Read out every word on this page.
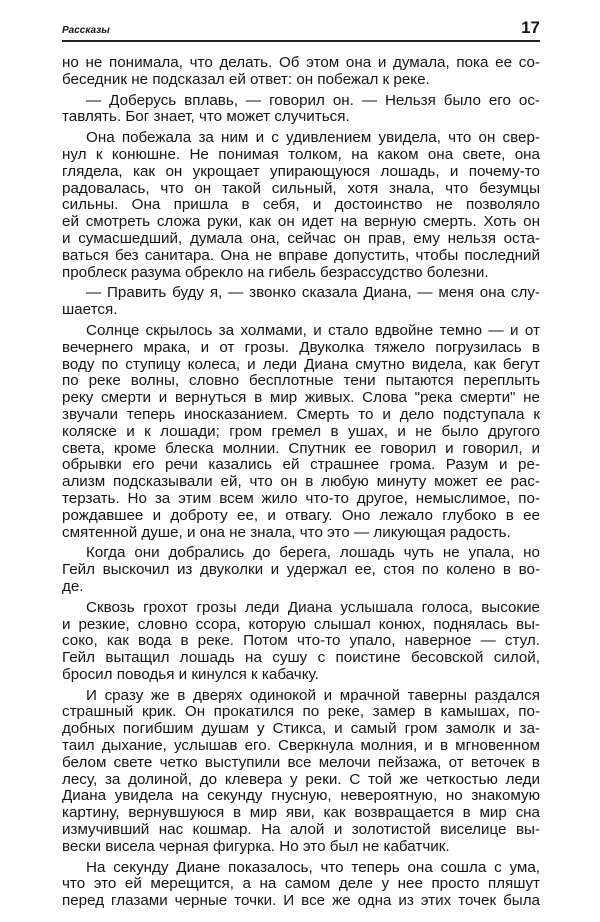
Рассказы	17
но не понимала, что делать. Об этом она и думала, пока ее со-
беседник не подсказал ей ответ: он побежал к реке.
— Доберусь вплавь, — говорил он. — Нельзя было его ос-
тавлять. Бог знает, что может случиться.
Она побежала за ним и с удивлением увидела, что он свер-
нул к конюшне. Не понимая толком, на каком она свете, она
глядела, как он укрощает упирающуюся лошадь, и почему-то
радовалась, что он такой сильный, хотя знала, что безумцы
сильны. Она пришла в себя, и достоинство не позволяло
ей смотреть сложа руки, как он идет на верную смерть. Хоть он
и сумасшедший, думала она, сейчас он прав, ему нельзя оста-
ваться без санитара. Она не вправе допустить, чтобы последний
проблеск разума обрекло на гибель безрассудство болезни.
— Править буду я, — звонко сказала Диана, — меня она слу-
шается.
Солнце скрылось за холмами, и стало вдвойне темно — и от
вечернего мрака, и от грозы. Двуколка тяжело погрузилась в
воду по ступицу колеса, и леди Диана смутно видела, как бегут
по реке волны, словно бесплотные тени пытаются переплыть
реку смерти и вернуться в мир живых. Слова "река смерти" не
звучали теперь иносказанием. Смерть то и дело подступала к
коляске и к лошади; гром гремел в ушах, и не было другого
света, кроме блеска молнии. Спутник ее говорил и говорил, и
обрывки его речи казались ей страшнее грома. Разум и ре-
ализм подсказывали ей, что он в любую минуту может ее рас-
терзать. Но за этим всем жило что-то другое, немыслимое, по-
рождавшее и доброту ее, и отвагу. Оно лежало глубоко в ее
смятенной душе, и она не знала, что это — ликующая радость.
Когда они добрались до берега, лошадь чуть не упала, но
Гейл выскочил из двуколки и удержал ее, стоя по колено в во-
де.
Сквозь грохот грозы леди Диана услышала голоса, высокие
и резкие, словно ссора, которую слышал конюх, поднялась вы-
соко, как вода в реке. Потом что-то упало, наверное — стул.
Гейл вытащил лошадь на сушу с поистине бесовской силой,
бросил поводья и кинулся к кабачку.
И сразу же в дверях одинокой и мрачной таверны раздался
страшный крик. Он прокатился по реке, замер в камышах, по-
добных погибшим душам у Стикса, и самый гром замолк и за-
таил дыхание, услышав его. Сверкнула молния, и в мгновенном
белом свете четко выступили все мелочи пейзажа, от веточек в
лесу, за долиной, до клевера у реки. С той же четкостью леди
Диана увидела на секунду гнусную, невероятную, но знакомую
картину, вернувшуюся в мир яви, как возвращается в мир сна
измучивший нас кошмар. На алой и золотистой виселице вы-
вески висела черная фигурка. Но это был не кабатчик.
На секунду Диане показалось, что теперь она сошла с ума,
что это ей мерещится, а на самом деле у нее просто пляшут
перед глазами черные точки. И все же одна из этих точек была
